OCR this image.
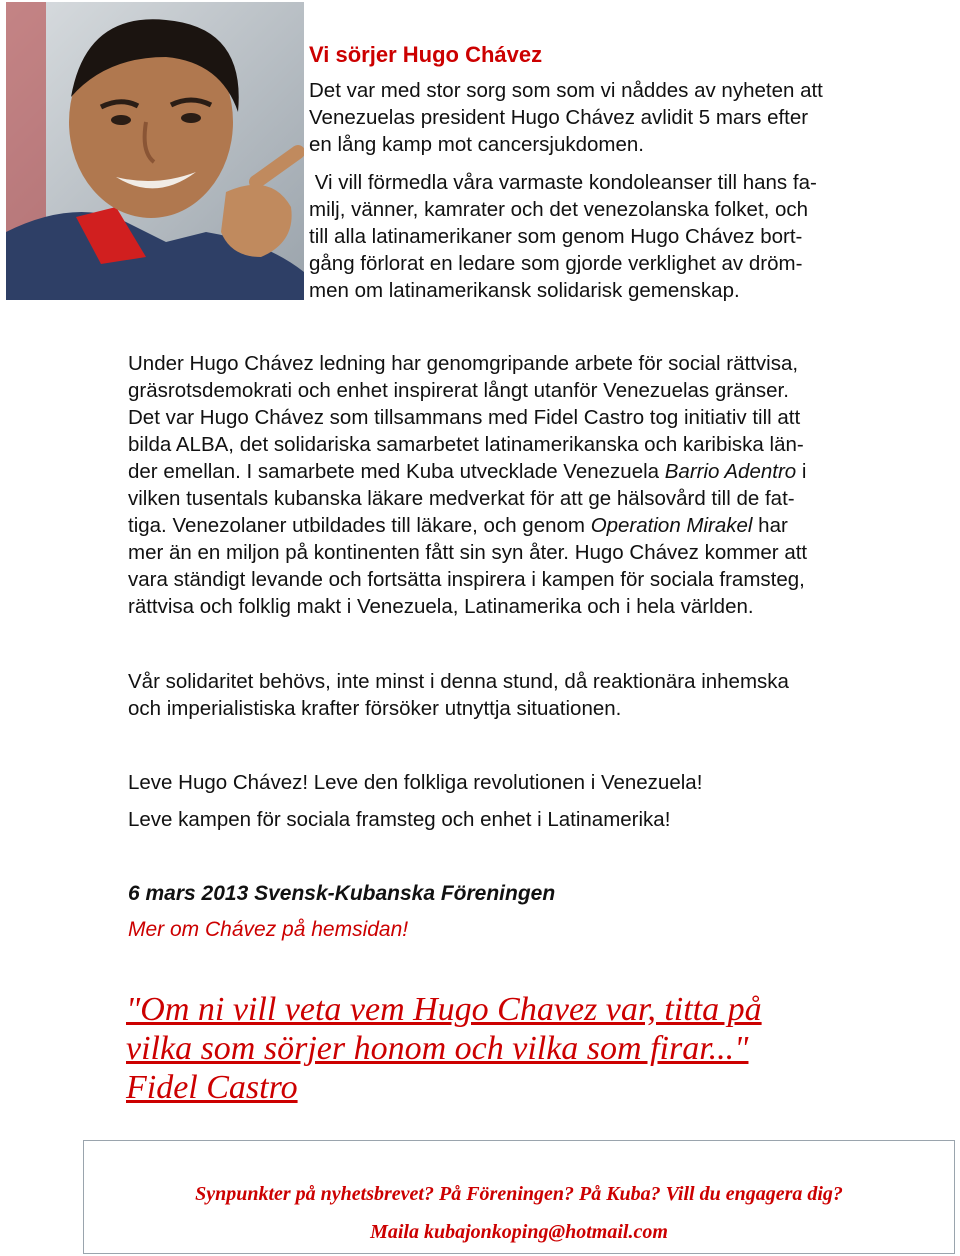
Vi sörjer Hugo Chávez

Det var med stor sorg som som vi nåddes av nyheten att
Venezuelas president Hugo Chávez avlidit 5 mars efter
en lång kamp mot cancersjukdomen.

Vi vill förmedla våra varmaste kondoleanser till hans fa-
milj, vänner, kamrater och det venezolanska folket, och
till alla latinamerikaner som genom Hugo Chávez bort-
gång förlorat en ledare som gjorde verklighet av dröm-
men om latinamerikansk solidarisk gemenskap.

Under Hugo Chávez ledning har genomgripande arbete för social rättvisa,
gräsrotsdemokrati och enhet inspirerat långt utanför Venezuelas gränser.
Det var Hugo Chávez som tillsammans med Fidel Castro tog initiativ till att
bilda ALBA, det solidariska samarbetet latinamerikanska och karibiska län-
der emellan. I samarbete med Kuba utvecklade Venezuela Barrio Adentro i
vilken tusentals kubanska läkare medverkat för att ge hälsovård till de fat-
tiga. Venezolaner utbildades till läkare, och genom Operation Mirakel har
mer än en miljon på kontinenten fått sin syn åter. Hugo Chávez kommer att
vara ständigt levande och fortsätta inspirera i kampen för sociala framsteg,
rättvisa och folklig makt i Venezuela, Latinamerika och i hela världen.

Vår solidaritet behövs, inte minst i denna stund, då reaktionära inhemska
och imperialistiska krafter försöker utnyttja situationen.

Leve Hugo Chávez! Leve den folkliga revolutionen i Venezuela!

Leve kampen för sociala framsteg och enhet i Latinamerika!

6 mars 2013 Svensk-Kubanska Föreningen

Mer om Chávez på hemsidan!
"Om ni vill veta vem Hugo Chavez var, titta på
vilka som sörjer honom och vilka som firar..."
Fidel Castro

Synpunkter på nyhetsbrevet? På Föreningen? På Kuba? Vill du engagera dig?

Maila kubajonkoping@hotmail.com
